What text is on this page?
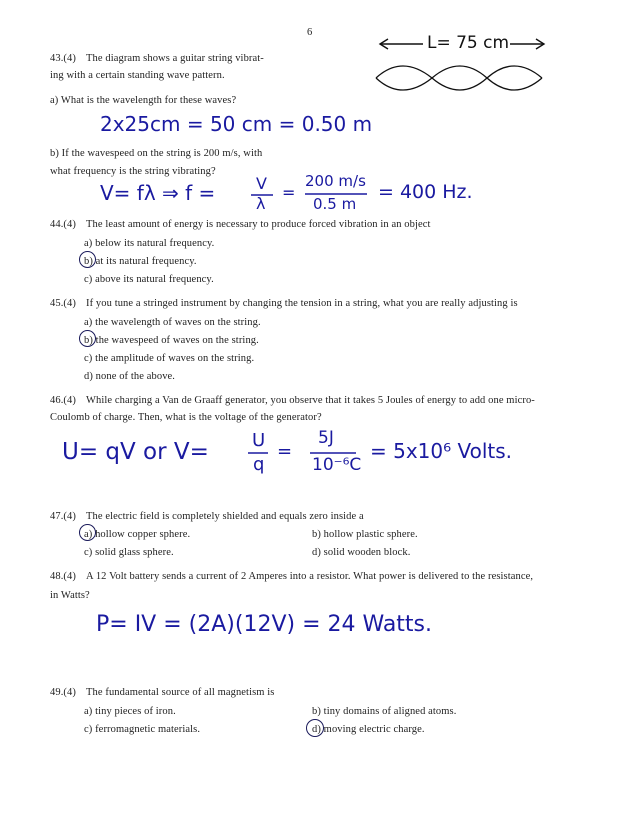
6
L= 75 cm
43.(4) The diagram shows a guitar string vibrat-
ing with a certain standing wave pattern.
a) What is the wavelength for these waves?
2x25cm = 50 cm = 0.50 m
b) If the wavespeed on the string is 200 m/s, with
what frequency is the string vibrating?
V= fλ ⇒ f =	V
λ
=
200 m/s
0.5 m
= 400 Hz.
44.(4) The least amount of energy is necessary to produce forced vibration in an object
a) below its natural frequency.
b) at its natural frequency.
c) above its natural frequency.
45.(4) If you tune a stringed instrument by changing the tension in a string, what you are really adjusting is
a) the wavelength of waves on the string.
b) the wavespeed of waves on the string.
c) the amplitude of waves on the string.
d) none of the above.
46.(4) While charging a Van de Graaff generator, you observe that it takes 5 Joules of energy to add one micro-
Coulomb of charge. Then, what is the voltage of the generator?
U= qV or V= U
q
=
5J
10⁻⁶C
= 5x10⁶ Volts.
47.(4) The electric field is completely shielded and equals zero inside a
a) hollow copper sphere.	b) hollow plastic sphere.
c) solid glass sphere.	d) solid wooden block.
48.(4) A 12 Volt battery sends a current of 2 Amperes into a resistor. What power is delivered to the resistance,
in Watts?
P= IV = (2A)(12V) = 24 Watts.
49.(4) The fundamental source of all magnetism is
a) tiny pieces of iron.	b) tiny domains of aligned atoms.
c) ferromagnetic materials.	d) moving electric charge.
